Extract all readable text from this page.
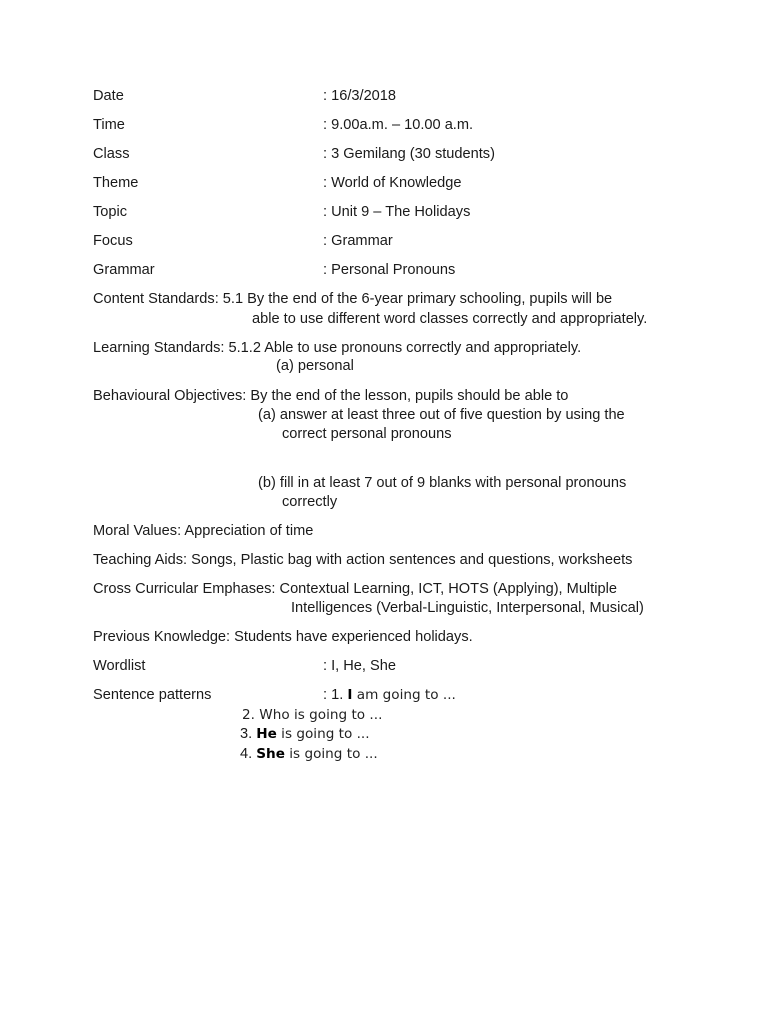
Date	: 16/3/2018
Time	: 9.00a.m. – 10.00 a.m.
Class	: 3 Gemilang (30 students)
Theme	: World of Knowledge
Topic	: Unit 9 – The Holidays
Focus	: Grammar
Grammar	: Personal Pronouns
Content Standards: 5.1 By the end of the 6-year primary schooling, pupils will be
able to use different word classes correctly and appropriately.
Learning Standards: 5.1.2 Able to use pronouns correctly and appropriately.
(a) personal
Behavioural Objectives: By the end of the lesson, pupils should be able to
(a) answer at least three out of five question by using the
correct personal pronouns
(b) fill in at least 7 out of 9 blanks with personal pronouns
correctly
Moral Values: Appreciation of time
Teaching Aids: Songs, Plastic bag with action sentences and questions, worksheets
Cross Curricular Emphases: Contextual Learning, ICT, HOTS (Applying), Multiple
Intelligences (Verbal-Linguistic, Interpersonal, Musical)
Previous Knowledge: Students have experienced holidays.
Wordlist	: I, He, She
Sentence patterns	: 1. I am going to ...
2. Who is going to ...
3. He is going to ...
4. She is going to ...
